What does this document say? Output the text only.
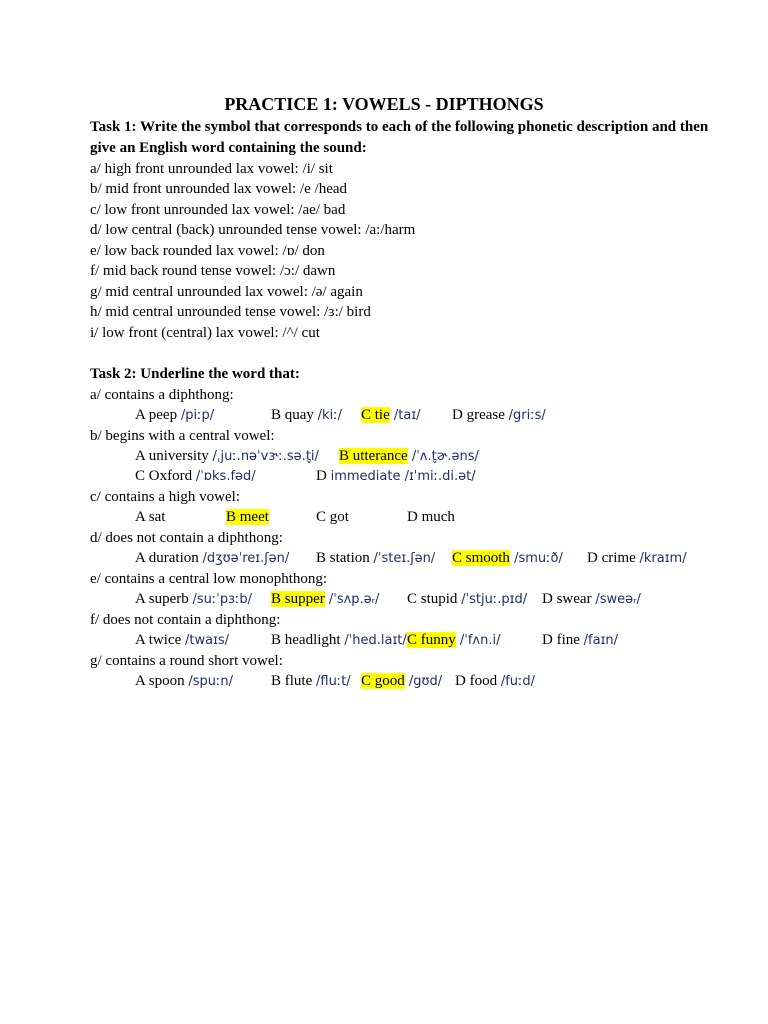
PRACTICE 1: VOWELS - DIPTHONGS
Task 1: Write the symbol that corresponds to each of the following phonetic description and then
give an English word containing the sound:
a/ high front unrounded lax vowel: /i/ sit
b/ mid front unrounded lax vowel: /e /head
c/ low front unrounded lax vowel: /ae/ bad
d/ low central (back) unrounded tense vowel: /a:/harm
e/ low back rounded lax vowel: /ɒ/ don
f/ mid back round tense vowel: /ɔ:/ dawn
g/ mid central unrounded lax vowel: /ə/ again
h/ mid central unrounded tense vowel: /ɜ:/ bird
i/ low front (central) lax vowel: /^/ cut
Task 2: Underline the word that:
a/ contains a diphthong:
A peep /piːp/	B quay /kiː/ C tie /taɪ/ D grease /griːs/
b/ begins with a central vowel:
A university /ˌjuː.nəˈvɝː.sə.t̬i/ B utterance /ˈʌ.t̬ɚ.əns/
C Oxford /ˈɒks.fəd/	D immediate /ɪˈmiː.di.ət/
c/ contains a high vowel:
A sat	B meet	C got	D much
d/ does not contain a diphthong:
A duration /dʒʊəˈreɪ.ʃən/ B station /ˈsteɪ.ʃən/ C smooth /smuːð/ D crime /kraɪm/
e/ contains a central low monophthong:
A superb /suːˈpɜːb/ B supper /ˈsʌp.əᵣ/ C stupid /ˈstjuː.pɪd/ D swear /sweəᵣ/
f/ does not contain a diphthong:
A twice /twaɪs/	B headlight /ˈhed.laɪt/ C funny /ˈfʌn.i/	D fine /faɪn/
g/ contains a round short vowel:
A spoon /spuːn/	B flute /fluːt/ C good /gʊd/ D food /fuːd/
